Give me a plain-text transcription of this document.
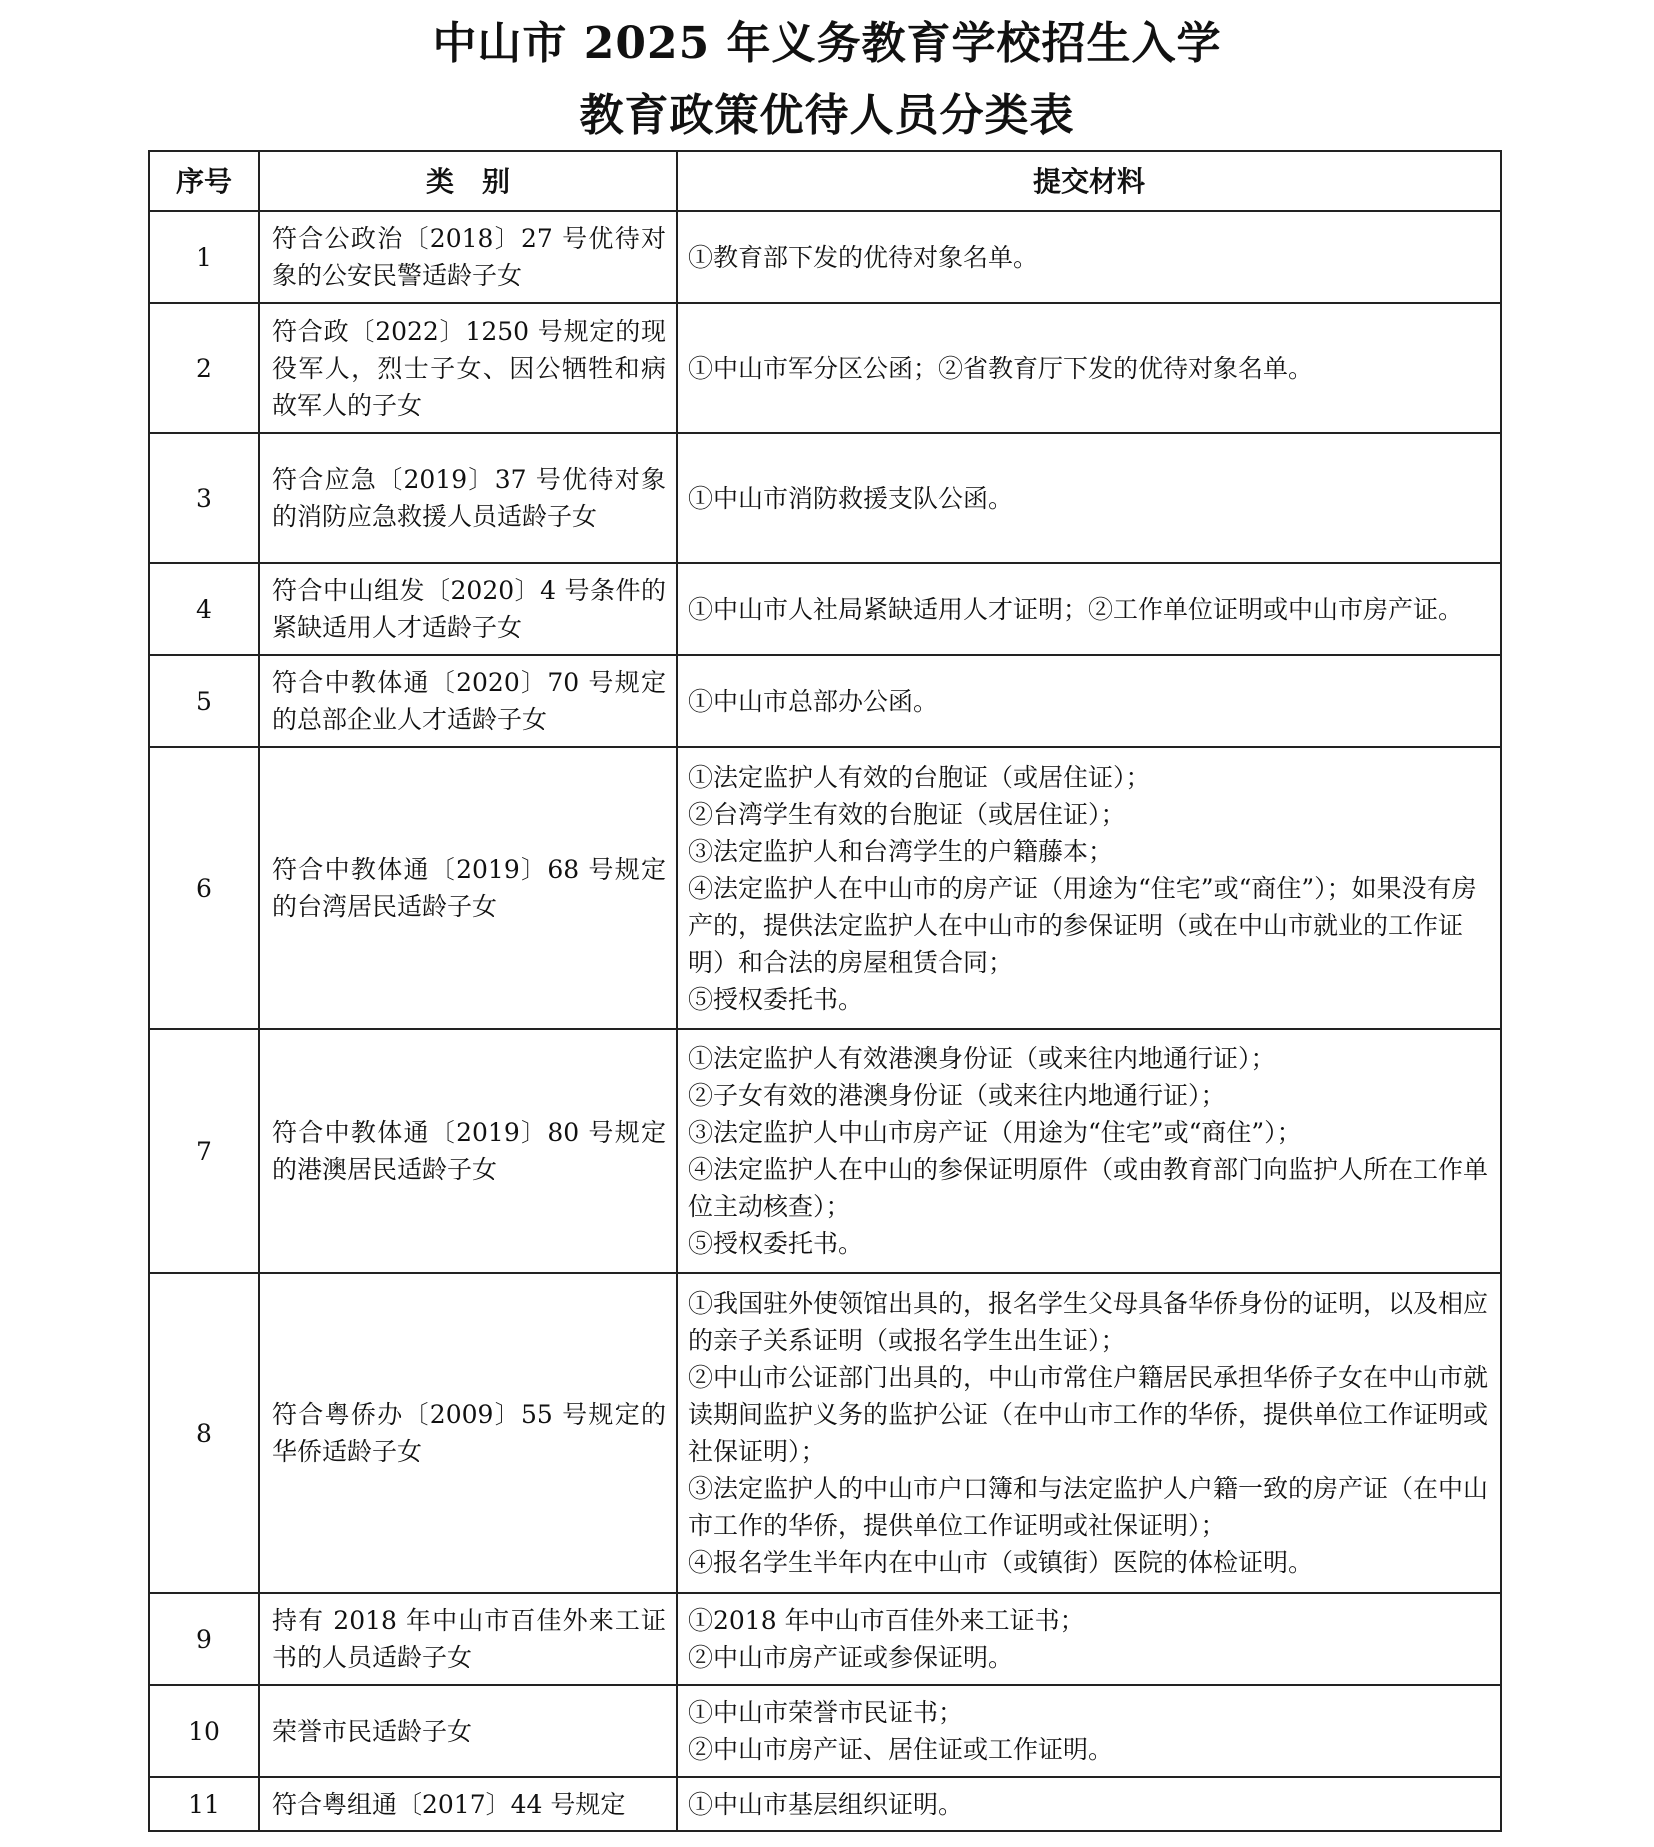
中山市 2025 年义务教育学校招生入学
教育政策优待人员分类表
序号	类　别	提交材料
1	符合公政治〔2018〕27 号优待对象的公安民警适龄子女	①教育部下发的优待对象名单。

2	符合政〔2022〕1250 号规定的现役军人，烈士子女、因公牺牲和病故军人的子女	①中山市军分区公函；②省教育厅下发的优待对象名单。

3	符合应急〔2019〕37 号优待对象的消防应急救援人员适龄子女	①中山市消防救援支队公函。

4	符合中山组发〔2020〕4 号条件的紧缺适用人才适龄子女	①中山市人社局紧缺适用人才证明；②工作单位证明或中山市房产证。

5	符合中教体通〔2020〕70 号规定的总部企业人才适龄子女	①中山市总部办公函。

6	符合中教体通〔2019〕68 号规定的台湾居民适龄子女	①法定监护人有效的台胞证（或居住证）；
②台湾学生有效的台胞证（或居住证）；
③法定监护人和台湾学生的户籍藤本；
④法定监护人在中山市的房产证（用途为“住宅”或“商住”）；如果没有房产的，提供法定监护人在中山市的参保证明（或在中山市就业的工作证明）和合法的房屋租赁合同；
⑤授权委托书。

7	符合中教体通〔2019〕80 号规定的港澳居民适龄子女	①法定监护人有效港澳身份证（或来往内地通行证）；
②子女有效的港澳身份证（或来往内地通行证）；
③法定监护人中山市房产证（用途为“住宅”或“商住”）；
④法定监护人在中山的参保证明原件（或由教育部门向监护人所在工作单位主动核查）；
⑤授权委托书。

8	符合粤侨办〔2009〕55 号规定的华侨适龄子女	①我国驻外使领馆出具的，报名学生父母具备华侨身份的证明，以及相应的亲子关系证明（或报名学生出生证）；
②中山市公证部门出具的，中山市常住户籍居民承担华侨子女在中山市就读期间监护义务的监护公证（在中山市工作的华侨，提供单位工作证明或社保证明）；
③法定监护人的中山市户口簿和与法定监护人户籍一致的房产证（在中山市工作的华侨，提供单位工作证明或社保证明）；
④报名学生半年内在中山市（或镇街）医院的体检证明。

9	持有 2018 年中山市百佳外来工证书的人员适龄子女	①2018 年中山市百佳外来工证书；
②中山市房产证或参保证明。

10	荣誉市民适龄子女	①中山市荣誉市民证书；
②中山市房产证、居住证或工作证明。

11	符合粤组通〔2017〕44 号规定	①中山市基层组织证明。
